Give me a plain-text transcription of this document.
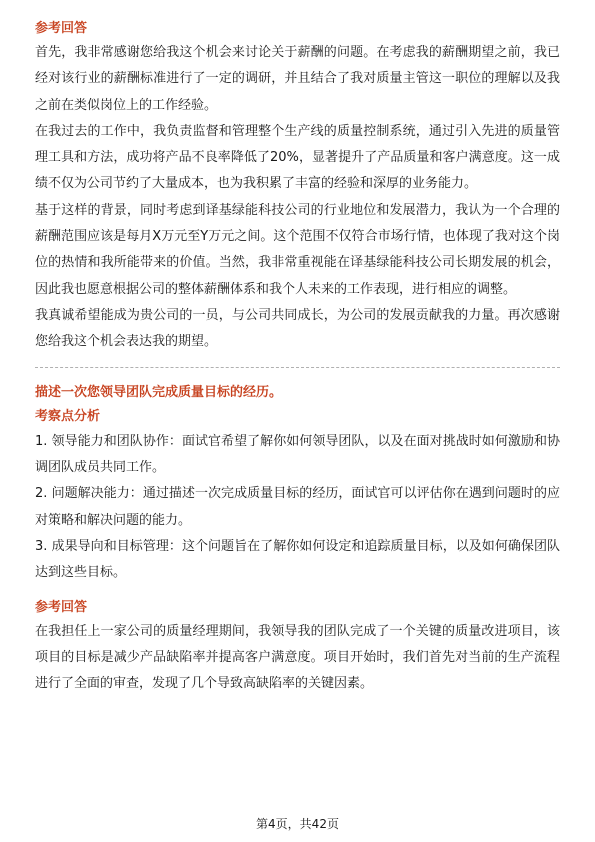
参考回答

首先，我非常感谢您给我这个机会来讨论关于薪酬的问题。在考虑我的薪酬期望之前，我已经对该行业的薪酬标准进行了一定的调研，并且结合了我对质量主管这一职位的理解以及我之前在类似岗位上的工作经验。

在我过去的工作中，我负责监督和管理整个生产线的质量控制系统，通过引入先进的质量管理工具和方法，成功将产品不良率降低了20%，显著提升了产品质量和客户满意度。这一成绩不仅为公司节约了大量成本，也为我积累了丰富的经验和深厚的业务能力。

基于这样的背景，同时考虑到译基绿能科技公司的行业地位和发展潜力，我认为一个合理的薪酬范围应该是每月X万元至Y万元之间。这个范围不仅符合市场行情，也体现了我对这个岗位的热情和我所能带来的价值。当然，我非常重视能在译基绿能科技公司长期发展的机会，因此我也愿意根据公司的整体薪酬体系和我个人未来的工作表现，进行相应的调整。

我真诚希望能成为贵公司的一员，与公司共同成长，为公司的发展贡献我的力量。再次感谢您给我这个机会表达我的期望。

描述一次您领导团队完成质量目标的经历。

考察点分析

1. 领导能力和团队协作：面试官希望了解你如何领导团队，以及在面对挑战时如何激励和协调团队成员共同工作。

2. 问题解决能力：通过描述一次完成质量目标的经历，面试官可以评估你在遇到问题时的应对策略和解决问题的能力。

3. 成果导向和目标管理：这个问题旨在了解你如何设定和追踪质量目标，以及如何确保团队达到这些目标。

参考回答

在我担任上一家公司的质量经理期间，我领导我的团队完成了一个关键的质量改进项目，该项目的目标是减少产品缺陷率并提高客户满意度。项目开始时，我们首先对当前的生产流程进行了全面的审查，发现了几个导致高缺陷率的关键因素。

第4页，共42页
